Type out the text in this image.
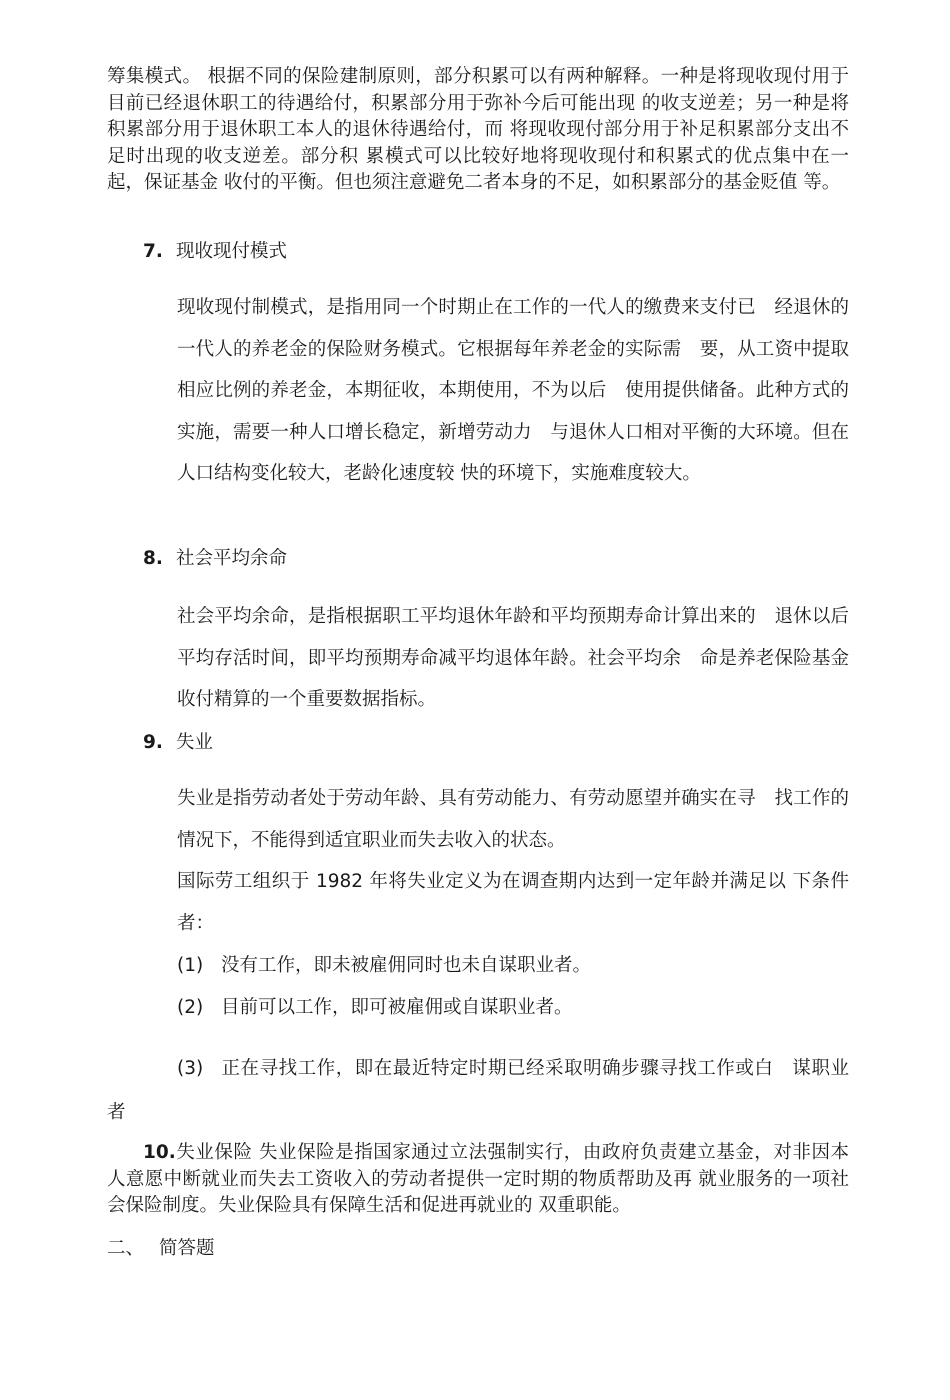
筹集模式。 根据不同的保险建制原则，部分积累可以有两种解释。一种是将现收现付用于目前已经退休职工的待遇给付，积累部分用于弥补今后可能出现 的收支逆差；另一种是将积累部分用于退休职工本人的退休待遇给付，而 将现收现付部分用于补足积累部分支出不足时出现的收支逆差。部分积 累模式可以比较好地将现收现付和积累式的优点集中在一起，保证基金 收付的平衡。但也须注意避免二者本身的不足，如积累部分的基金贬值 等。

7. 现收现付模式

现收现付制模式，是指用同一个时期止在工作的一代人的缴费来支付已　经退休的一代人的养老金的保险财务模式。它根据每年养老金的实际需　要，从工资中提取相应比例的养老金，本期征收，本期使用，不为以后　使用提供储备。此种方式的实施，需要一种人口增长稳定，新增劳动力　与退休人口相对平衡的大环境。但在人口结构变化较大，老龄化速度较 快的环境下，实施难度较大。

8. 社会平均余命

社会平均余命，是指根据职工平均退休年龄和平均预期寿命计算出来的　退休以后平均存活时间，即平均预期寿命减平均退体年龄。社会平均余　命是养老保险基金收付精算的一个重要数据指标。

9. 失业

失业是指劳动者处于劳动年龄、具有劳动能力、有劳动愿望并确实在寻　找工作的情况下，不能得到适宜职业而失去收入的状态。

国际劳工组织于 1982 年将失业定义为在调查期内达到一定年龄并满足以 下条件者：

(1) 没有工作，即未被雇佣同时也未自谋职业者。

(2) 目前可以工作，即可被雇佣或自谋职业者。

(3) 正在寻找工作，即在最近特定时期已经采取明确步骤寻找工作或白　谋职业者

10.失业保险 失业保险是指国家通过立法强制实行，由政府负责建立基金，对非因本　人意愿中断就业而失去工资收入的劳动者提供一定时期的物质帮助及再 就业服务的一项社会保险制度。失业保险具有保障生活和促进再就业的 双重职能。

二、 简答题
